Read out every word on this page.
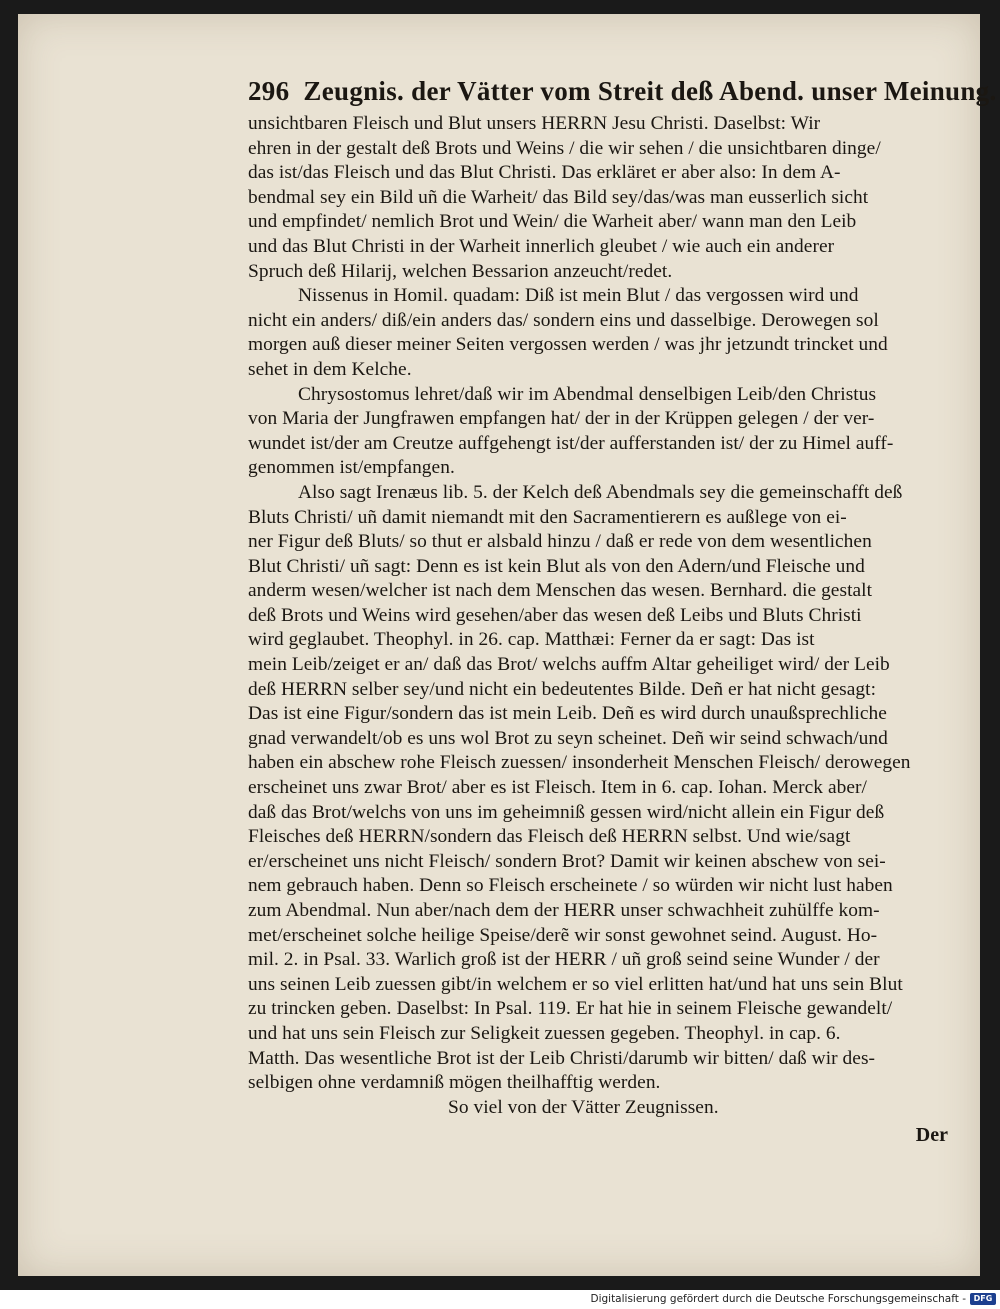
296 Zeugnis. der Vätter vom Streit deß Abend. unser Meinung.
unsichtbaren Fleisch und Blut unsers HERRN Jesu Christi. Daselbst: Wir
ehren in der gestalt deß Brots und Weins / die wir sehen / die unsichtbaren dinge/
das ist/das Fleisch und das Blut Christi. Das erkläret er aber also: In dem A-
bendmal sey ein Bild uñ die Warheit/ das Bild sey/das/was man eusserlich sicht
und empfindet/ nemlich Brot und Wein/ die Warheit aber/ wann man den Leib
und das Blut Christi in der Warheit innerlich gleubet / wie auch ein anderer
Spruch deß Hilarij, welchen Bessarion anzeucht/redet.
Nissenus in Homil. quadam: Diß ist mein Blut / das vergossen wird und
nicht ein anders/ diß/ein anders das/ sondern eins und dasselbige. Derowegen sol
morgen auß dieser meiner Seiten vergossen werden / was jhr jetzundt trincket und
sehet in dem Kelche.
Chrysostomus lehret/daß wir im Abendmal denselbigen Leib/den Christus
von Maria der Jungfrawen empfangen hat/ der in der Krüppen gelegen / der ver-
wundet ist/der am Creutze auffgehengt ist/der aufferstanden ist/ der zu Himel auff-
genommen ist/empfangen.
Also sagt Irenæus lib. 5. der Kelch deß Abendmals sey die gemeinschafft deß
Bluts Christi/ uñ damit niemandt mit den Sacramentierern es außlege von ei-
ner Figur deß Bluts/ so thut er alsbald hinzu / daß er rede von dem wesentlichen
Blut Christi/ uñ sagt: Denn es ist kein Blut als von den Adern/und Fleische und
anderm wesen/welcher ist nach dem Menschen das wesen. Bernhard. die gestalt
deß Brots und Weins wird gesehen/aber das wesen deß Leibs und Bluts Christi
wird geglaubet. Theophyl. in 26. cap. Matthæi: Ferner da er sagt: Das ist
mein Leib/zeiget er an/ daß das Brot/ welchs auffm Altar geheiliget wird/ der Leib
deß HERRN selber sey/und nicht ein bedeutentes Bilde. Deñ er hat nicht gesagt:
Das ist eine Figur/sondern das ist mein Leib. Deñ es wird durch unaußsprechliche
gnad verwandelt/ob es uns wol Brot zu seyn scheinet. Deñ wir seind schwach/und
haben ein abschew rohe Fleisch zuessen/ insonderheit Menschen Fleisch/ derowegen
erscheinet uns zwar Brot/ aber es ist Fleisch. Item in 6. cap. Iohan. Merck aber/
daß das Brot/welchs von uns im geheimniß gessen wird/nicht allein ein Figur deß
Fleisches deß HERRN/sondern das Fleisch deß HERRN selbst. Und wie/sagt
er/erscheinet uns nicht Fleisch/ sondern Brot? Damit wir keinen abschew von sei-
nem gebrauch haben. Denn so Fleisch erscheinete / so würden wir nicht lust haben
zum Abendmal. Nun aber/nach dem der HERR unser schwachheit zuhülffe kom-
met/erscheinet solche heilige Speise/derẽ wir sonst gewohnet seind. August. Ho-
mil. 2. in Psal. 33. Warlich groß ist der HERR / uñ groß seind seine Wunder / der
uns seinen Leib zuessen gibt/in welchem er so viel erlitten hat/und hat uns sein Blut
zu trincken geben. Daselbst: In Psal. 119. Er hat hie in seinem Fleische gewandelt/
und hat uns sein Fleisch zur Seligkeit zuessen gegeben. Theophyl. in cap. 6.
Matth. Das wesentliche Brot ist der Leib Christi/darumb wir bitten/ daß wir des-
selbigen ohne verdamniß mögen theilhafftig werden.
So viel von der Vätter Zeugnissen.
Der
Digitalisierung gefördert durch die Deutsche Forschungsgemeinschaft - DFG
